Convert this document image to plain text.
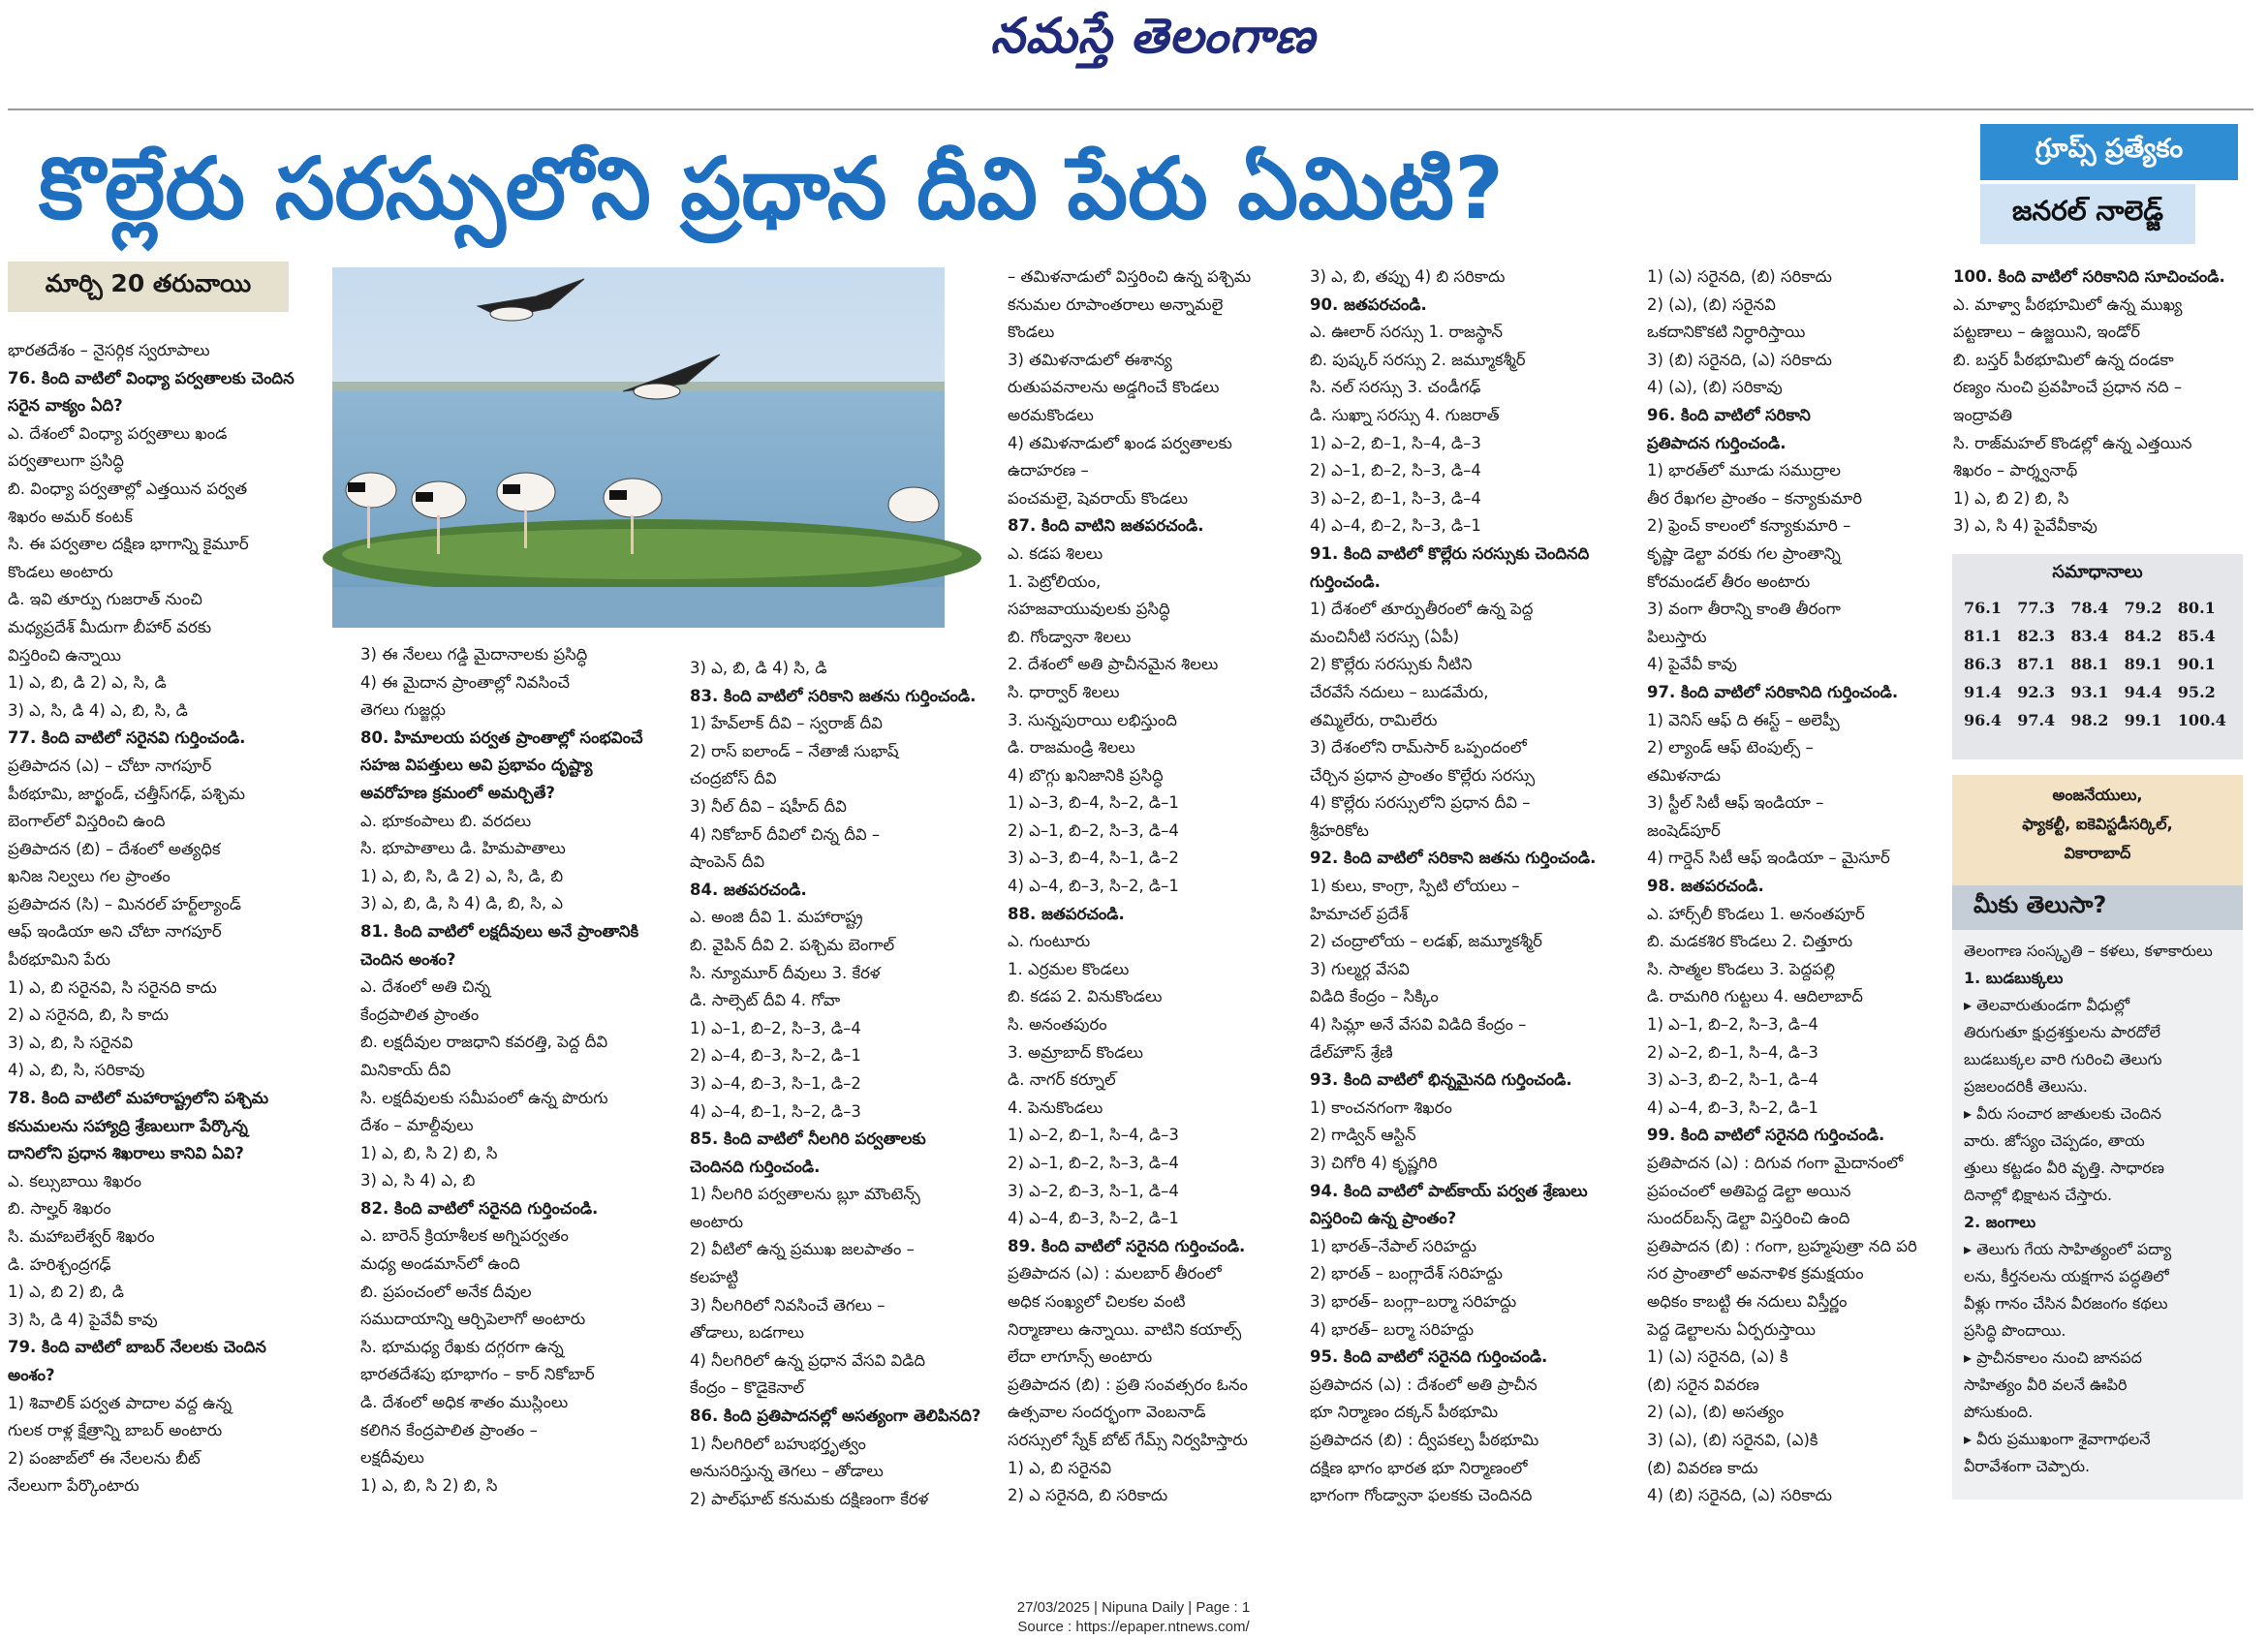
నమస్తే తెలంగాణ
కొల్లేరు సరస్సులోని ప్రధాన దీవి పేరు ఏమిటి?	గ్రూప్స్ ప్రత్యేకం
జనరల్ నాలెడ్జ్
మార్చి 20 తరువాయి
భారతదేశం – నైసర్గిక స్వరూపాలు
76. కింది వాటిలో వింధ్యా పర్వతాలకు చెందిన
సరైన వాక్యం ఏది?
ఎ. దేశంలో వింధ్యా పర్వతాలు ఖండ
పర్వతాలుగా ప్రసిద్ధి
బి. వింధ్యా పర్వతాల్లో ఎత్తయిన పర్వత
శిఖరం అమర్ కంటక్
సి. ఈ పర్వతాల దక్షిణ భాగాన్ని కైమూర్
కొండలు అంటారు
డి. ఇవి తూర్పు గుజరాత్ నుంచి
మధ్యప్రదేశ్ మీదుగా బీహార్ వరకు
విస్తరించి ఉన్నాయి
1) ఎ, బి, డి 2) ఎ, సి, డి
3) ఎ, సి, డి 4) ఎ, బి, సి, డి
77. కింది వాటిలో సరైనవి గుర్తించండి.
ప్రతిపాదన (ఎ) – చోటా నాగపూర్
పీఠభూమి, జార్ఖండ్, చత్తీస్‌గఢ్, పశ్చిమ
బెంగాల్‌లో విస్తరించి ఉంది
ప్రతిపాదన (బి) – దేశంలో అత్యధిక
ఖనిజ నిల్వలు గల ప్రాంతం
ప్రతిపాదన (సి) – మినరల్ హర్ట్‌ల్యాండ్
ఆఫ్ ఇండియా అని చోటా నాగపూర్
పీఠభూమిని పేరు
1) ఎ, బి సరైనవి, సి సరైనది కాదు
2) ఎ సరైనది, బి, సి కాదు
3) ఎ, బి, సి సరైనవి
4) ఎ, బి, సి, సరికావు
78. కింది వాటిలో మహారాష్ట్రలోని పశ్చిమ
కనుమలను సహ్యాద్రి శ్రేణులుగా పేర్కొన్న
దానిలోని ప్రధాన శిఖరాలు కానివి ఏవి?
ఎ. కల్సుబాయి శిఖరం
బి. సాల్హర్ శిఖరం
సి. మహాబలేశ్వర్ శిఖరం
డి. హరిశ్చంద్రగఢ్
1) ఎ, బి 2) బి, డి
3) సి, డి 4) పైవేవీ కావు
79. కింది వాటిలో బాబర్ నేలలకు చెందిన
అంశం?
1) శివాలిక్ పర్వత పాదాల వద్ద ఉన్న
గులక రాళ్ల క్షేత్రాన్ని బాబర్ అంటారు
2) పంజాబ్‌లో ఈ నేలలను బీట్
నేలలుగా పేర్కొంటారు
3) ఈ నేలలు గడ్డి మైదానాలకు ప్రసిద్ధి
4) ఈ మైదాన ప్రాంతాల్లో నివసించే
తెగలు గుజ్జర్లు
80. హిమాలయ పర్వత ప్రాంతాల్లో సంభవించే
సహజ విపత్తులు అవి ప్రభావం దృష్ట్యా
అవరోహణ క్రమంలో అమర్చితే?
ఎ. భూకంపాలు బి. వరదలు
సి. భూపాతాలు డి. హిమపాతాలు
1) ఎ, బి, సి, డి 2) ఎ, సి, డి, బి
3) ఎ, బి, డి, సి 4) డి, బి, సి, ఎ
81. కింది వాటిలో లక్షదీవులు అనే ప్రాంతానికి
చెందిన అంశం?
ఎ. దేశంలో అతి చిన్న
కేంద్రపాలిత ప్రాంతం
బి. లక్షదీవుల రాజధాని కవరత్తి, పెద్ద దీవి
మినికాయ్ దీవి
సి. లక్షదీవులకు సమీపంలో ఉన్న పొరుగు
దేశం – మాల్దీవులు
1) ఎ, బి, సి 2) బి, సి
3) ఎ, సి 4) ఎ, బి
82. కింది వాటిలో సరైనది గుర్తించండి.
ఎ. బారెన్ క్రియాశీలక అగ్నిపర్వతం
మధ్య అండమాన్‌లో ఉంది
బి. ప్రపంచంలో అనేక దీవుల
సముదాయాన్ని ఆర్చిపెలాగో అంటారు
సి. భూమధ్య రేఖకు దగ్గరగా ఉన్న
భారతదేశపు భూభాగం – కార్ నికోబార్
డి. దేశంలో అధిక శాతం ముస్లింలు
కలిగిన కేంద్రపాలిత ప్రాంతం –
లక్షదీవులు
1) ఎ, బి, సి 2) బి, సి
3) ఎ, బి, డి 4) సి, డి
83. కింది వాటిలో సరికాని జతను గుర్తించండి.
1) హేవ్‌లాక్ దీవి – స్వరాజ్ దీవి
2) రాస్ ఐలాండ్ – నేతాజీ సుభాష్
చంద్రబోస్ దీవి
3) నీల్ దీవి – షహీద్ దీవి
4) నికోబార్ దీవిలో చిన్న దీవి –
షాంపెన్ దీవి
84. జతపరచండి.
ఎ. అంజి దీవి 1. మహారాష్ట్ర
బి. వైపిన్ దీవి 2. పశ్చిమ బెంగాల్
సి. న్యూమూర్ దీవులు 3. కేరళ
డి. సాల్సెట్ దీవి 4. గోవా
1) ఎ–1, బి–2, సి–3, డి–4
2) ఎ–4, బి–3, సి–2, డి–1
3) ఎ–4, బి–3, సి–1, డి–2
4) ఎ–4, బి–1, సి–2, డి–3
85. కింది వాటిలో నీలగిరి పర్వతాలకు
చెందినది గుర్తించండి.
1) నీలగిరి పర్వతాలను బ్లూ మౌంటెన్స్
అంటారు
2) వీటిలో ఉన్న ప్రముఖ జలపాతం –
కలహట్టి
3) నీలగిరిలో నివసించే తెగలు –
తోడాలు, బడగాలు
4) నీలగిరిలో ఉన్న ప్రధాన వేసవి విడిది
కేంద్రం – కొడైకెనాల్
86. కింది ప్రతిపాదనల్లో అసత్యంగా తెలిపినది?
1) నీలగిరిలో బహుభర్తృత్వం
అనుసరిస్తున్న తెగలు – తోడాలు
2) పాల్‌ఘాట్ కనుమకు దక్షిణంగా కేరళ
– తమిళనాడులో విస్తరించి ఉన్న పశ్చిమ
కనుమల రూపాంతరాలు అన్నామలై
కొండలు
3) తమిళనాడులో ఈశాన్య
రుతుపవనాలను అడ్డగించే కొండలు
అరమకొండలు
4) తమిళనాడులో ఖండ పర్వతాలకు
ఉదాహరణ –
పంచమలై, షెవరాయ్ కొండలు
87. కింది వాటిని జతపరచండి.
ఎ. కడప శిలలు
1. పెట్రోలియం,
సహజవాయువులకు ప్రసిద్ధి
బి. గోండ్వానా శిలలు
2. దేశంలో అతి ప్రాచీనమైన శిలలు
సి. ధార్వార్ శిలలు
3. సున్నపురాయి లభిస్తుంది
డి. రాజమండ్రి శిలలు
4) బొగ్గు ఖనిజానికి ప్రసిద్ధి
1) ఎ–3, బి–4, సి–2, డి–1
2) ఎ–1, బి–2, సి–3, డి–4
3) ఎ–3, బి–4, సి–1, డి–2
4) ఎ–4, బి–3, సి–2, డి–1
88. జతపరచండి.
ఎ. గుంటూరు
1. ఎర్రమల కొండలు
బి. కడప 2. వినుకొండలు
సి. అనంతపురం
3. అమ్రాబాద్ కొండలు
డి. నాగర్ కర్నూల్
4. పెనుకొండలు
1) ఎ–2, బి–1, సి–4, డి–3
2) ఎ–1, బి–2, సి–3, డి–4
3) ఎ–2, బి–3, సి–1, డి–4
4) ఎ–4, బి–3, సి–2, డి–1
89. కింది వాటిలో సరైనది గుర్తించండి.
ప్రతిపాదన (ఎ) : మలబార్ తీరంలో
అధిక సంఖ్యలో చిలకల వంటి
నిర్మాణాలు ఉన్నాయి. వాటిని కయాల్స్
లేదా లాగూన్స్ అంటారు
ప్రతిపాదన (బి) : ప్రతి సంవత్సరం ఓనం
ఉత్సవాల సందర్భంగా వెంబనాడ్
సరస్సులో స్నేక్ బోట్ గేమ్స్ నిర్వహిస్తారు
1) ఎ, బి సరైనవి
2) ఎ సరైనది, బి సరికాదు
3) ఎ, బి, తప్పు 4) బి సరికాదు
90. జతపరచండి.
ఎ. ఊలార్ సరస్సు 1. రాజస్థాన్
బి. పుష్కర్ సరస్సు 2. జమ్మూకశ్మీర్
సి. నల్ సరస్సు 3. చండీగఢ్
డి. సుఖ్నా సరస్సు 4. గుజరాత్
1) ఎ–2, బి–1, సి–4, డి–3
2) ఎ–1, బి–2, సి–3, డి–4
3) ఎ–2, బి–1, సి–3, డి–4
4) ఎ–4, బి–2, సి–3, డి–1
91. కింది వాటిలో కొల్లేరు సరస్సుకు చెందినది
గుర్తించండి.
1) దేశంలో తూర్పుతీరంలో ఉన్న పెద్ద
మంచినీటి సరస్సు (ఏపీ)
2) కొల్లేరు సరస్సుకు నీటిని
చేరవేసే నదులు – బుడమేరు,
తమ్మిలేరు, రామిలేరు
3) దేశంలోని రామ్‌సార్ ఒప్పందంలో
చేర్చిన ప్రధాన ప్రాంతం కొల్లేరు సరస్సు
4) కొల్లేరు సరస్సులోని ప్రధాన దీవి –
శ్రీహరికోట
92. కింది వాటిలో సరికాని జతను గుర్తించండి.
1) కులు, కాంగ్రా, స్పిటి లోయలు –
హిమాచల్ ప్రదేశ్
2) చంద్రాలోయ – లడఖ్, జమ్మూకశ్మీర్
3) గుల్మర్గ వేసవి
విడిది కేంద్రం – సిక్కిం
4) సిమ్లా అనే వేసవి విడిది కేంద్రం –
డేల్‌హౌస్ శ్రేణి
93. కింది వాటిలో భిన్నమైనది గుర్తించండి.
1) కాంచనగంగా శిఖరం
2) గాడ్విన్ ఆస్టిన్
3) చిగోరి 4) కృష్ణగిరి
94. కింది వాటిలో పాట్‌కాయ్ పర్వత శ్రేణులు
విస్తరించి ఉన్న ప్రాంతం?
1) భారత్–నేపాల్ సరిహద్దు
2) భారత్ – బంగ్లాదేశ్ సరిహద్దు
3) భారత్– బంగ్లా–బర్మా సరిహద్దు
4) భారత్– బర్మా సరిహద్దు
95. కింది వాటిలో సరైనది గుర్తించండి.
ప్రతిపాదన (ఎ) : దేశంలో అతి ప్రాచీన
భూ నిర్మాణం దక్కన్ పీఠభూమి
ప్రతిపాదన (బి) : ద్వీపకల్ప పీఠభూమి
దక్షిణ భాగం భారత భూ నిర్మాణంలో
భాగంగా గోండ్వానా ఫలకకు చెందినది
1) (ఎ) సరైనది, (బి) సరికాదు
2) (ఎ), (బి) సరైనవి
ఒకదానికొకటి నిర్ధారిస్తాయి
3) (బి) సరైనది, (ఎ) సరికాదు
4) (ఎ), (బి) సరికావు
96. కింది వాటిలో సరికాని
ప్రతిపాదన గుర్తించండి.
1) భారత్‌లో మూడు సముద్రాల
తీర రేఖగల ప్రాంతం – కన్యాకుమారి
2) ఫ్రెంచ్ కాలంలో కన్యాకుమారి –
కృష్ణా డెల్టా వరకు గల ప్రాంతాన్ని
కోరమండల్ తీరం అంటారు
3) వంగా తీరాన్ని కాంతి తీరంగా
పిలుస్తారు
4) పైవేవీ కావు
97. కింది వాటిలో సరికానిది గుర్తించండి.
1) వెనిస్ ఆఫ్ ది ఈస్ట్ – అలెప్పీ
2) ల్యాండ్ ఆఫ్ టెంపుల్స్ –
తమిళనాడు
3) స్టీల్ సిటీ ఆఫ్ ఇండియా –
జంషెడ్‌పూర్
4) గార్డెన్ సిటీ ఆఫ్ ఇండియా – మైసూర్
98. జతపరచండి.
ఎ. హార్స్‌లీ కొండలు 1. అనంతపూర్
బి. మడకశిర కొండలు 2. చిత్తూరు
సి. సాత్మల కొండలు 3. పెద్దపల్లి
డి. రామగిరి గుట్టలు 4. ఆదిలాబాద్
1) ఎ–1, బి–2, సి–3, డి–4
2) ఎ–2, బి–1, సి–4, డి–3
3) ఎ–3, బి–2, సి–1, డి–4
4) ఎ–4, బి–3, సి–2, డి–1
99. కింది వాటిలో సరైనది గుర్తించండి.
ప్రతిపాదన (ఎ) : దిగువ గంగా మైదానంలో
ప్రపంచంలో అతిపెద్ద డెల్టా అయిన
సుందర్‌బన్స్ డెల్టా విస్తరించి ఉంది
ప్రతిపాదన (బి) : గంగా, బ్రహ్మపుత్రా నది పరి
సర ప్రాంతాలో అవనాళిక క్రమక్షయం
అధికం కాబట్టి ఈ నదులు విస్తీర్ణం
పెద్ద డెల్టాలను ఏర్పరుస్తాయి
1) (ఎ) సరైనది, (ఎ) కి
(బి) సరైన వివరణ
2) (ఎ), (బి) అసత్యం
3) (ఎ), (బి) సరైనవి, (ఎ)కి
(బి) వివరణ కాదు
4) (బి) సరైనది, (ఎ) సరికాదు
100. కింది వాటిలో సరికానిది సూచించండి.
ఎ. మాళ్వా పీఠభూమిలో ఉన్న ముఖ్య
పట్టణాలు – ఉజ్జయిని, ఇండోర్
బి. బస్తర్ పీఠభూమిలో ఉన్న దండకా
రణ్యం నుంచి ప్రవహించే ప్రధాన నది –
ఇంద్రావతి
సి. రాజ్‌మహల్ కొండల్లో ఉన్న ఎత్తయిన
శిఖరం – పార్శ్వనాథ్
1) ఎ, బి 2) బి, సి
3) ఎ, సి 4) పైవేవీకావు
సమాధానాలు
76.1	77.3	78.4	79.2	80.1
81.1	82.3	83.4	84.2	85.4
86.3	87.1	88.1	89.1	90.1
91.4	92.3	93.1	94.4	95.2
96.4	97.4	98.2	99.1	100.4
అంజనేయులు,
ఫ్యాకల్టీ, ఐకెవిస్టడీసర్కిల్,
వికారాబాద్
మీకు తెలుసా?
తెలంగాణ సంస్కృతి – కళలు, కళాకారులు
1. బుడబుక్కలు
▸ తెలవారుతుండగా వీధుల్లో
తిరుగుతూ క్షుద్రశక్తులను పారదోలే
బుడబుక్కల వారి గురించి తెలుగు
ప్రజలందరికీ తెలుసు.
▸ వీరు సంచార జాతులకు చెందిన
వారు. జోస్యం చెప్పడం, తాయ
త్తులు కట్టడం వీరి వృత్తి. సాధారణ
దినాల్లో భిక్షాటన చేస్తారు.
2. జంగాలు
▸ తెలుగు గేయ సాహిత్యంలో పద్యా
లను, కీర్తనలను యక్షగాన పద్ధతిలో
వీళ్లు గానం చేసిన వీరజంగం కథలు
ప్రసిద్ధి పొందాయి.
▸ ప్రాచీనకాలం నుంచి జానపద
సాహిత్యం వీరి వలనే ఊపిరి
పోసుకుంది.
▸ వీరు ప్రముఖంగా శైవాగాథలనే
వీరావేశంగా చెప్పారు.
27/03/2025 | Nipuna Daily | Page : 1
Source : https://epaper.ntnews.com/
